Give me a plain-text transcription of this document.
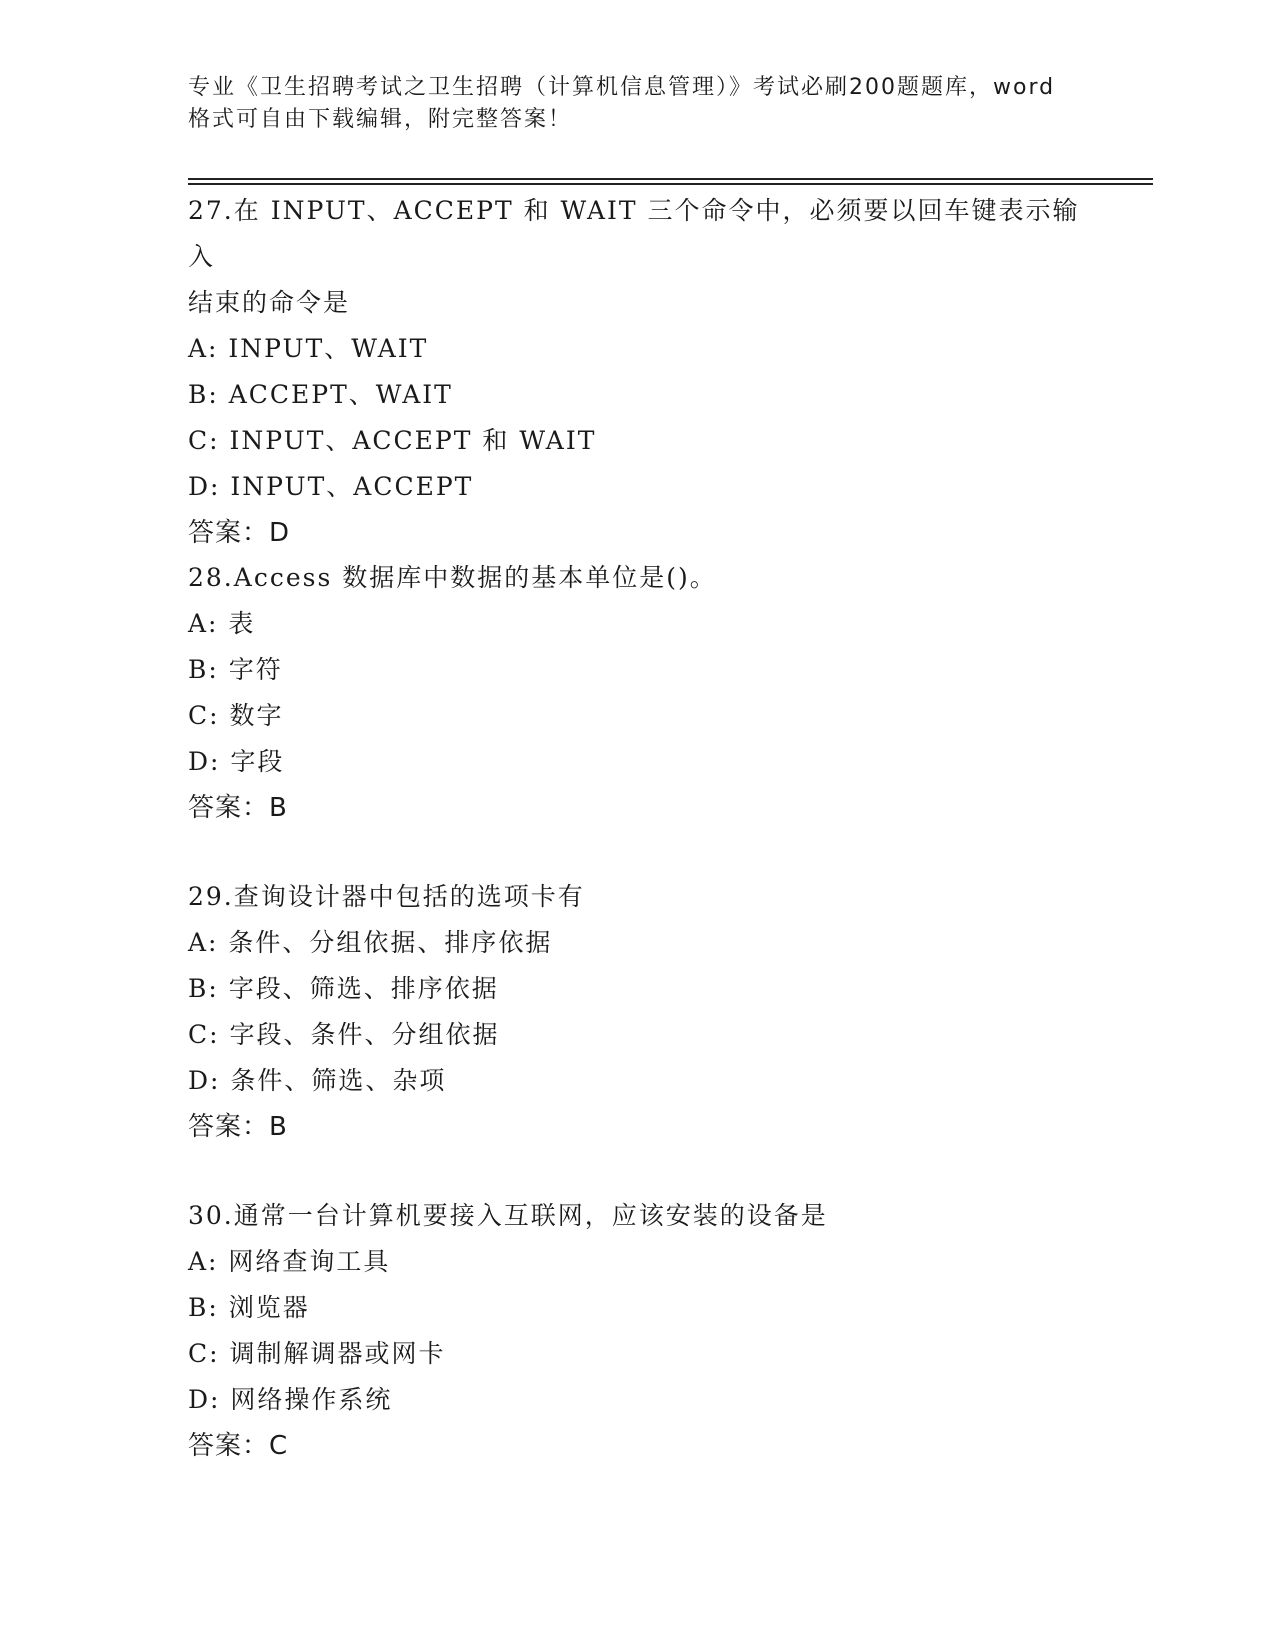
专业《卫生招聘考试之卫生招聘（计算机信息管理）》考试必刷200题题库，word
格式可自由下载编辑，附完整答案！

27.在 INPUT、ACCEPT 和 WAIT 三个命令中，必须要以回车键表示输入

结束的命令是

A: INPUT、WAIT

B: ACCEPT、WAIT

C: INPUT、ACCEPT 和 WAIT

D: INPUT、ACCEPT

答案：D

28.Access 数据库中数据的基本单位是()。

A: 表

B: 字符

C: 数字

D: 字段

答案：B

29.查询设计器中包括的选项卡有

A: 条件、分组依据、排序依据

B: 字段、筛选、排序依据

C: 字段、条件、分组依据

D: 条件、筛选、杂项

答案：B

30.通常一台计算机要接入互联网，应该安装的设备是

A: 网络查询工具

B: 浏览器

C: 调制解调器或网卡

D: 网络操作系统

答案：C
